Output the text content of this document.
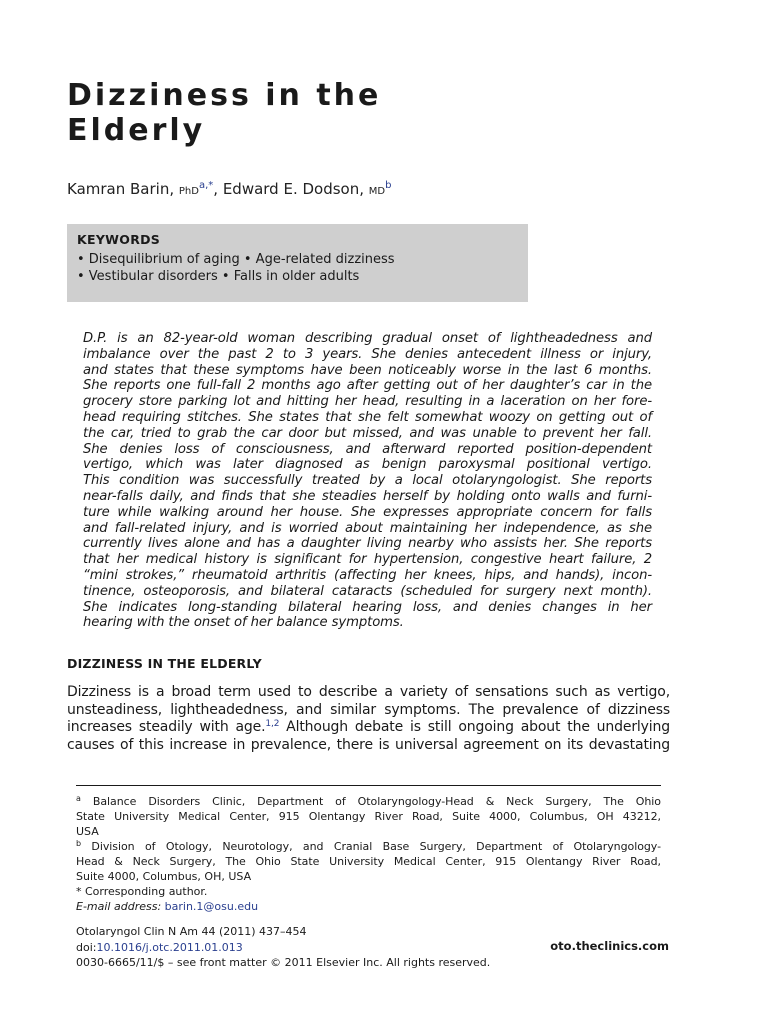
Dizziness in the
Elderly
Kamran Barin, PhD$^{a,*}$, Edward E. Dodson, $MD^b$
KEYWORDS
• Disequilibrium of aging • Age-related dizziness
• Vestibular disorders • Falls in older adults
D.P. is an 82-year-old woman describing gradual onset of lightheadedness and
imbalance over the past 2 to 3 years. She denies antecedent illness or injury,
and states that these symptoms have been noticeably worse in the last 6 months.
She reports one full-fall 2 months ago after getting out of her daughter’s car in the
grocery store parking lot and hitting her head, resulting in a laceration on her fore-
head requiring stitches. She states that she felt somewhat woozy on getting out of
the car, tried to grab the car door but missed, and was unable to prevent her fall.
She denies loss of consciousness, and afterward reported position-dependent
vertigo, which was later diagnosed as benign paroxysmal positional vertigo.
This condition was successfully treated by a local otolaryngologist. She reports
near-falls daily, and finds that she steadies herself by holding onto walls and furni-
ture while walking around her house. She expresses appropriate concern for falls
and fall-related injury, and is worried about maintaining her independence, as she
currently lives alone and has a daughter living nearby who assists her. She reports
that her medical history is significant for hypertension, congestive heart failure, 2
“mini strokes,” rheumatoid arthritis (affecting her knees, hips, and hands), incon-
tinence, osteoporosis, and bilateral cataracts (scheduled for surgery next month).
She indicates long-standing bilateral hearing loss, and denies changes in her
hearing with the onset of her balance symptoms.
DIZZINESS IN THE ELDERLY
Dizziness is a broad term used to describe a variety of sensations such as vertigo,
unsteadiness, lightheadedness, and similar symptoms. The prevalence of dizziness
increases steadily with age.$^{1,2}$ Although debate is still ongoing about the underlying
causes of this increase in prevalence, there is universal agreement on its devastating
$^a$ Balance Disorders Clinic, Department of Otolaryngology-Head & Neck Surgery, The Ohio
State University Medical Center, 915 Olentangy River Road, Suite 4000, Columbus, OH 43212,
USA
$^b$ Division of Otology, Neurotology, and Cranial Base Surgery, Department of Otolaryngology-
Head & Neck Surgery, The Ohio State University Medical Center, 915 Olentangy River Road,
Suite 4000, Columbus, OH, USA
* Corresponding author.
E-mail address: barin.1@osu.edu
Otolaryngol Clin N Am 44 (2011) 437–454
doi:10.1016/j.otc.2011.01.013
0030-6665/11/$ – see front matter © 2011 Elsevier Inc. All rights reserved.
oto.theclinics.com
